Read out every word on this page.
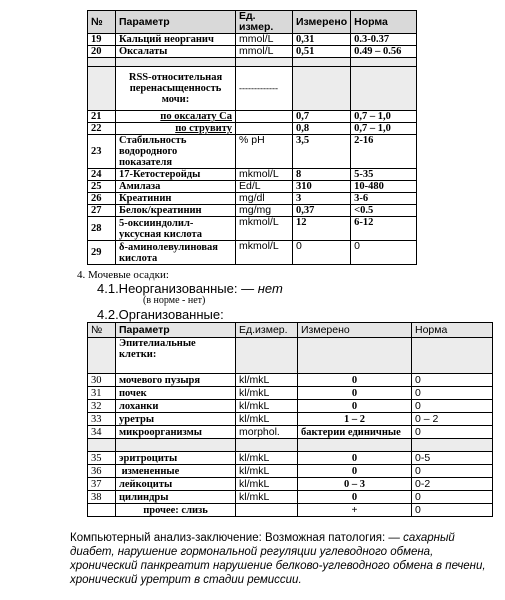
№	Параметр	Ед. измер.	Измерено	Норма
19	Кальций неорганич	mmol/L	0,31	0.3-0.37
20	Оксалаты	mmol/L	0,51	0.49 – 0.56

	RSS-относительная перенасыщенность мочи:	-------------		
21	по оксалату Са		0,7	0,7 – 1,0
22	по струвиту		0,8	0,7 – 1,0
23	Стабильность водородного показателя	% pH	3,5	2-16
24	17-Кетостеройды	mkmol/L	8	5-35
25	Амилаза	Ed/L	310	10-480
26	Креатинин	mg/dl	3	3-6
27	Белок/креатинин	mg/mg	0,37	<0.5
28	5-оксииндолил-уксусная кислота	mkmol/L	12	6-12
29	δ-аминолевулиновая кислота	mkmol/L	0	0
4. Мочевые осадки:
4.1.Неорганизованные: — нет
(в норме - нет)
4.2.Организованные:
№	Параметр	Ед.измер.	Измерено	Норма
	Эпителиальные клетки:			
30	мочевого пузыря	kl/mkL	0	0
31	почек	kl/mkL	0	0
32	лоханки	kl/mkL	0	0
33	уретры	kl/mkL	1 – 2	0 – 2
34	микроорганизмы	morphol.	бактерии единичные	0

35	эритроциты	kl/mkL	0	0-5
36	измененные	kl/mkL	0	0
37	лейкоциты	kl/mkL	0 – 3	0-2
38	цилиндры	kl/mkL	0	0
	прочее: слизь		+	0
Компьютерный анализ-заключение: Возможная патология: — сахарный диабет, нарушение гормональной регуляции углеводного обмена, хронический панкреатит нарушение белково-углеводного обмена в печени, хронический уретрит в стадии ремиссии.
